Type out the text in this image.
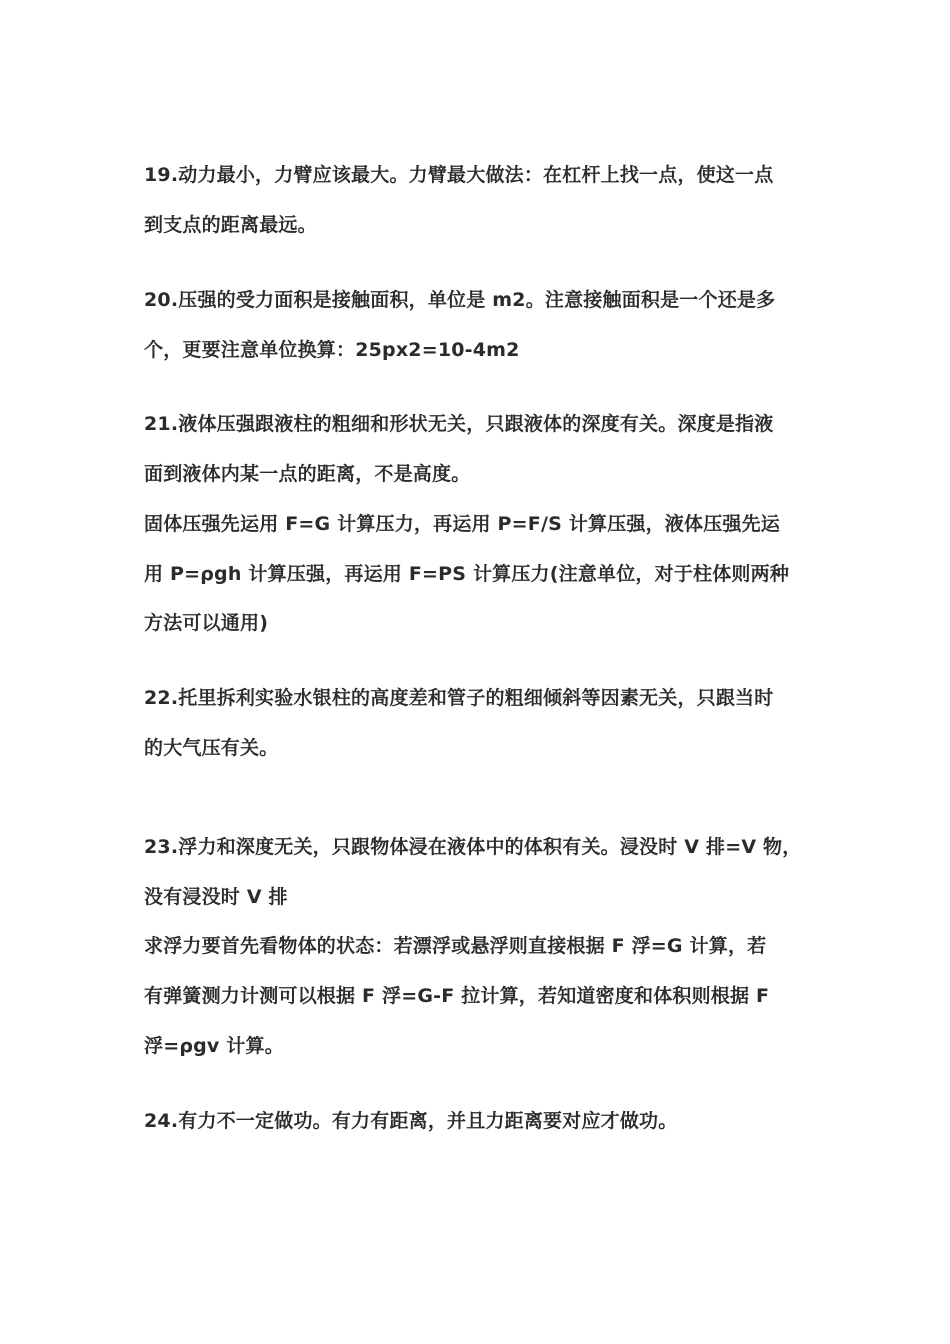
19.动力最小，力臂应该最大。力臂最大做法：在杠杆上找一点，使这一点
到支点的距离最远。
20.压强的受力面积是接触面积，单位是 m2。注意接触面积是一个还是多
个，更要注意单位换算：25px2=10-4m2
21.液体压强跟液柱的粗细和形状无关，只跟液体的深度有关。深度是指液
面到液体内某一点的距离，不是高度。
固体压强先运用 F=G 计算压力，再运用 P=F/S 计算压强，液体压强先运
用 P=ρgh 计算压强，再运用 F=PS 计算压力(注意单位，对于柱体则两种
方法可以通用)
22.托里拆利实验水银柱的高度差和管子的粗细倾斜等因素无关，只跟当时
的大气压有关。
23.浮力和深度无关，只跟物体浸在液体中的体积有关。浸没时 V 排=V 物，
没有浸没时 V 排
求浮力要首先看物体的状态：若漂浮或悬浮则直接根据 F 浮=G 计算，若
有弹簧测力计测可以根据 F 浮=G-F 拉计算，若知道密度和体积则根据 F
浮=ρgv 计算。
24.有力不一定做功。有力有距离，并且力距离要对应才做功。
